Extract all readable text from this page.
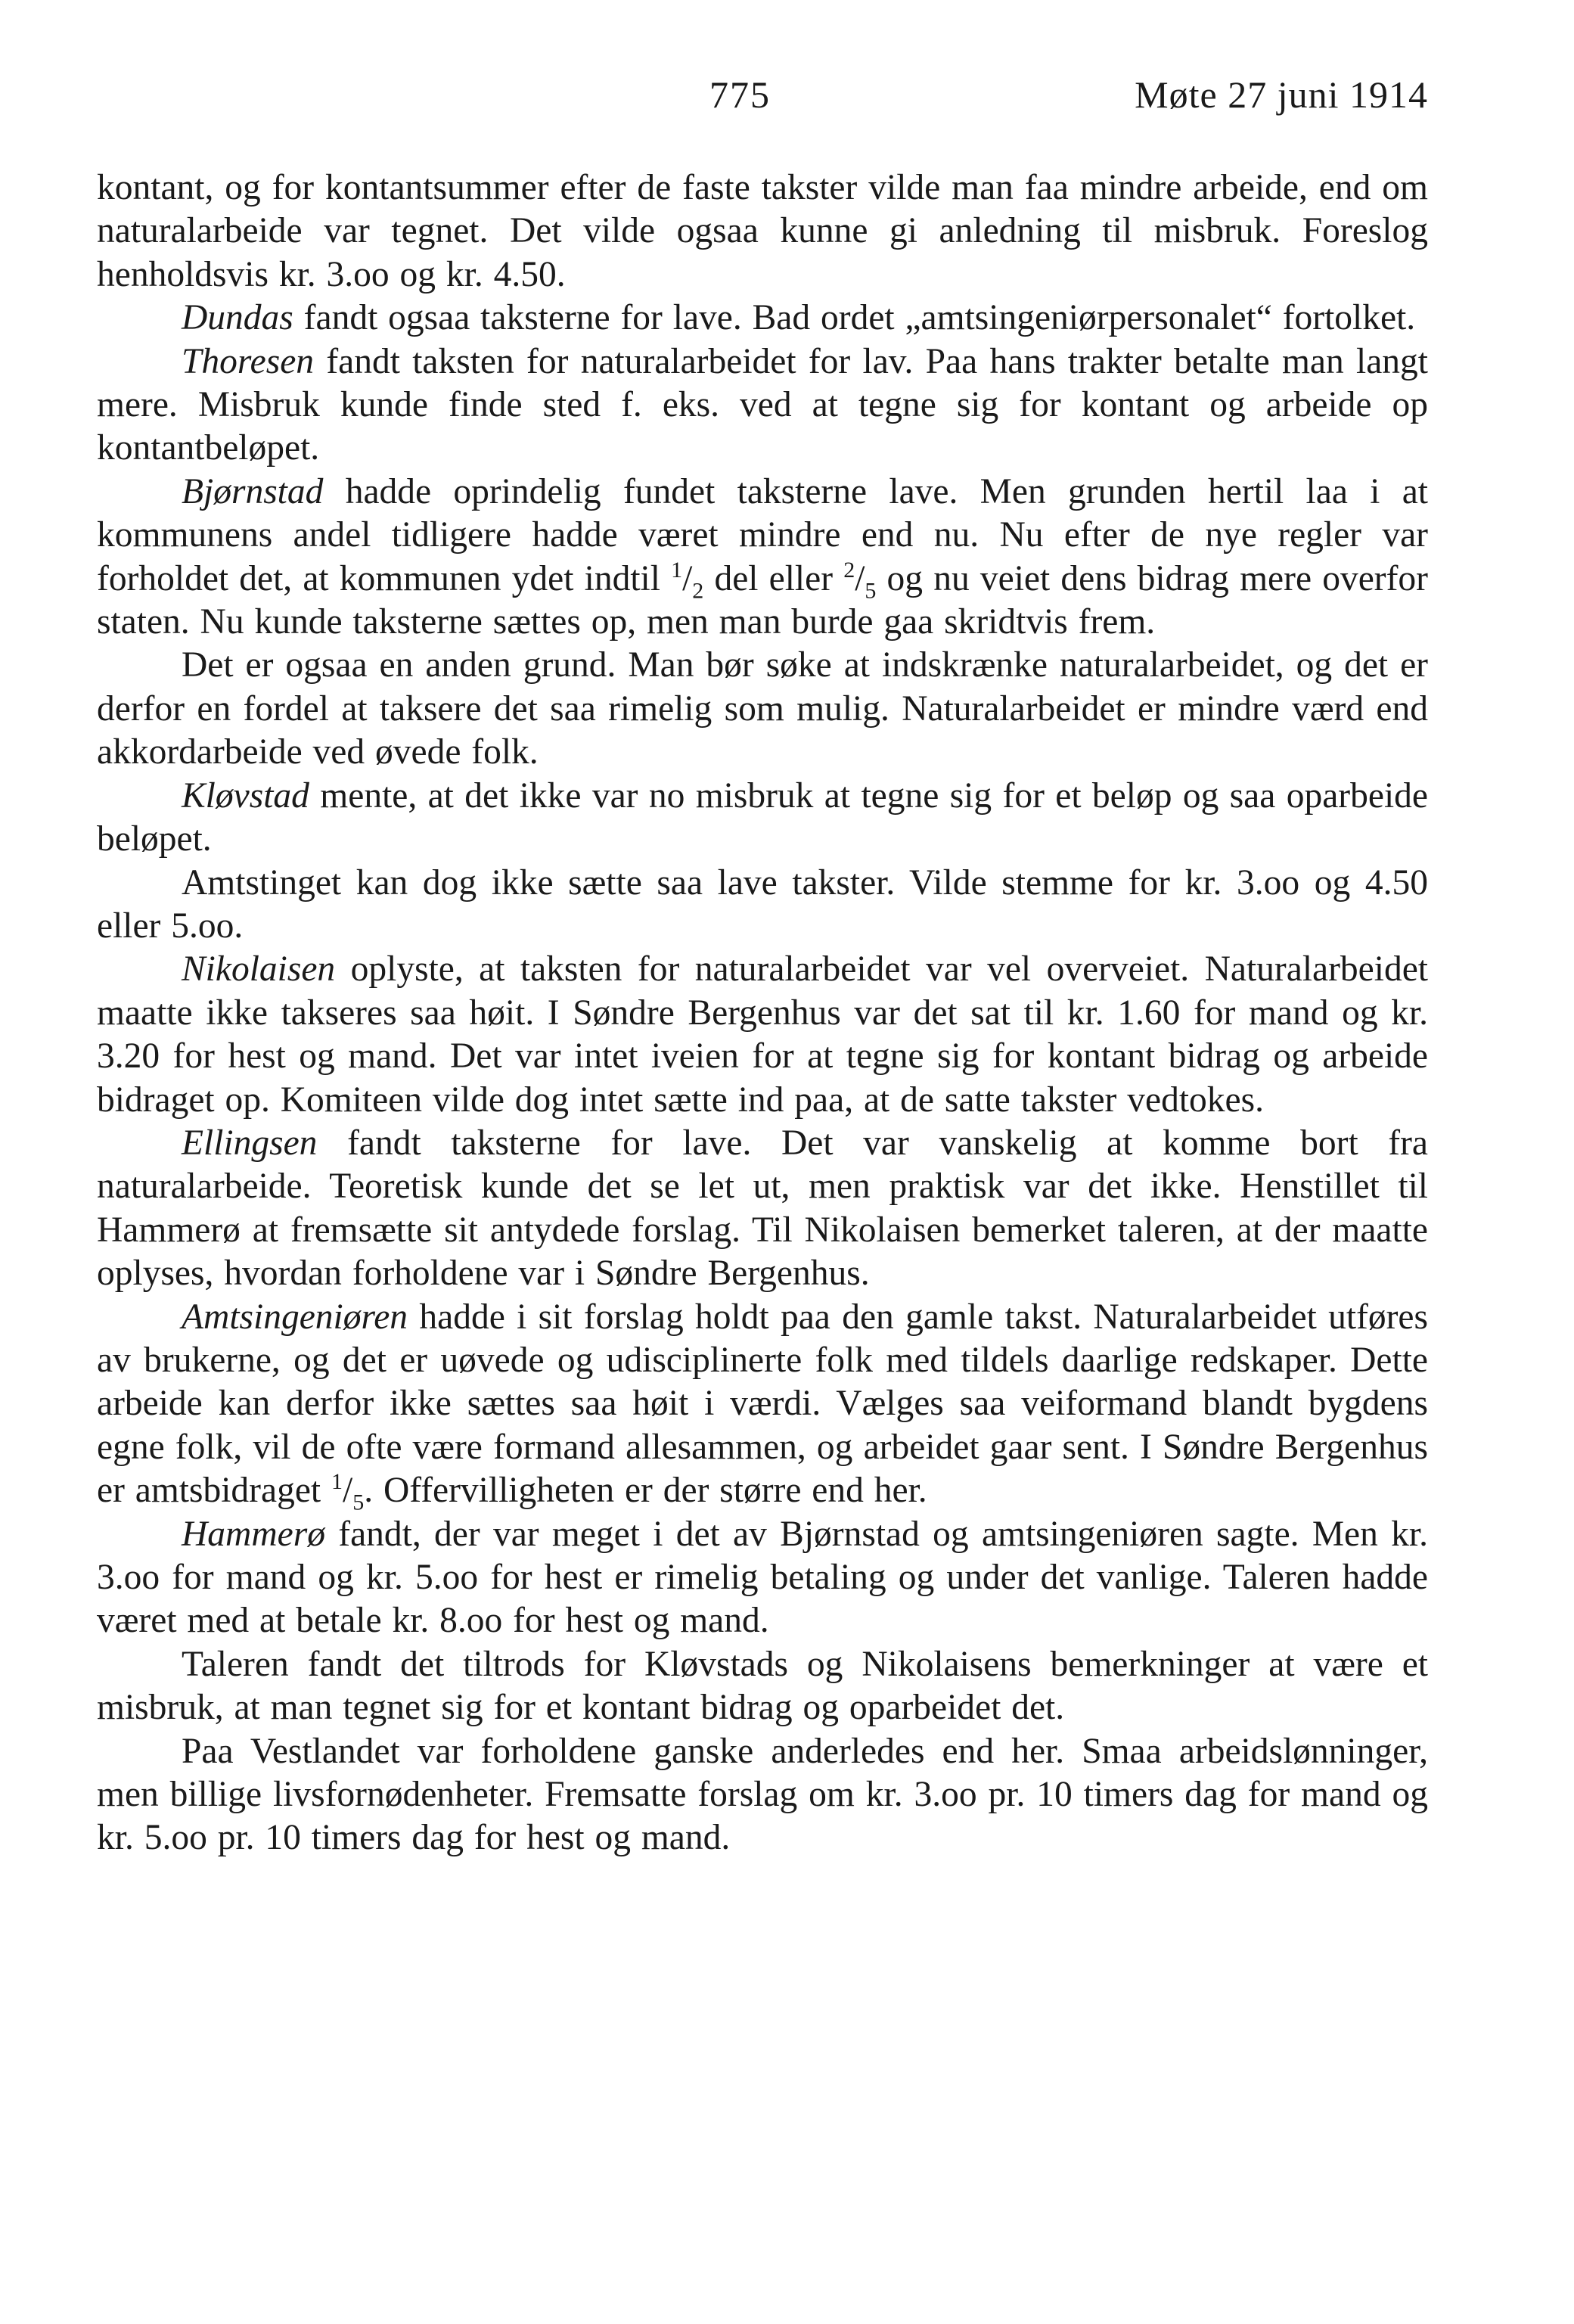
775	Møte 27 juni 1914

kontant, og for kontantsummer efter de faste takster vilde man faa mindre arbeide, end om naturalarbeide var tegnet. Det vilde ogsaa kunne gi anledning til misbruk. Foreslog henholdsvis kr. 3.oo og kr. 4.50.

Dundas fandt ogsaa taksterne for lave. Bad ordet „amtsingeniørpersonalet“ fortolket.

Thoresen fandt taksten for naturalarbeidet for lav. Paa hans trakter betalte man langt mere. Misbruk kunde finde sted f. eks. ved at tegne sig for kontant og arbeide op kontantbeløpet.

Bjørnstad hadde oprindelig fundet taksterne lave. Men grunden hertil laa i at kommunens andel tidligere hadde været mindre end nu. Nu efter de nye regler var forholdet det, at kommunen ydet indtil $^1/_2$ del eller $^2/_5$ og nu veiet dens bidrag mere overfor staten. Nu kunde taksterne sættes op, men man burde gaa skridtvis frem.

Det er ogsaa en anden grund. Man bør søke at indskrænke naturalarbeidet, og det er derfor en fordel at taksere det saa rimelig som mulig. Naturalarbeidet er mindre værd end akkordarbeide ved øvede folk.

Kløvstad mente, at det ikke var no misbruk at tegne sig for et beløp og saa oparbeide beløpet.

Amtstinget kan dog ikke sætte saa lave takster. Vilde stemme for kr. 3.oo og 4.50 eller 5.oo.

Nikolaisen oplyste, at taksten for naturalarbeidet var vel overveiet. Naturalarbeidet maatte ikke takseres saa høit. I Søndre Bergenhus var det sat til kr. 1.60 for mand og kr. 3.20 for hest og mand. Det var intet iveien for at tegne sig for kontant bidrag og arbeide bidraget op. Komiteen vilde dog intet sætte ind paa, at de satte takster vedtokes.

Ellingsen fandt taksterne for lave. Det var vanskelig at komme bort fra naturalarbeide. Teoretisk kunde det se let ut, men praktisk var det ikke. Henstillet til Hammerø at fremsætte sit antydede forslag. Til Nikolaisen bemerket taleren, at der maatte oplyses, hvordan forholdene var i Søndre Bergenhus.

Amtsingeniøren hadde i sit forslag holdt paa den gamle takst. Naturalarbeidet utføres av brukerne, og det er uøvede og udisciplinerte folk med tildels daarlige redskaper. Dette arbeide kan derfor ikke sættes saa høit i værdi. Vælges saa veiformand blandt bygdens egne folk, vil de ofte være formand allesammen, og arbeidet gaar sent. I Søndre Bergenhus er amtsbidraget $^1/_5$. Offervilligheten er der større end her.

Hammerø fandt, der var meget i det av Bjørnstad og amtsingeniøren sagte. Men kr. 3.oo for mand og kr. 5.oo for hest er rimelig betaling og under det vanlige. Taleren hadde været med at betale kr. 8.oo for hest og mand.

Taleren fandt det tiltrods for Kløvstads og Nikolaisens bemerkninger at være et misbruk, at man tegnet sig for et kontant bidrag og oparbeidet det.

Paa Vestlandet var forholdene ganske anderledes end her. Smaa arbeidslønninger, men billige livsfornødenheter. Fremsatte forslag om kr. 3.oo pr. 10 timers dag for mand og kr. 5.oo pr. 10 timers dag for hest og mand.
